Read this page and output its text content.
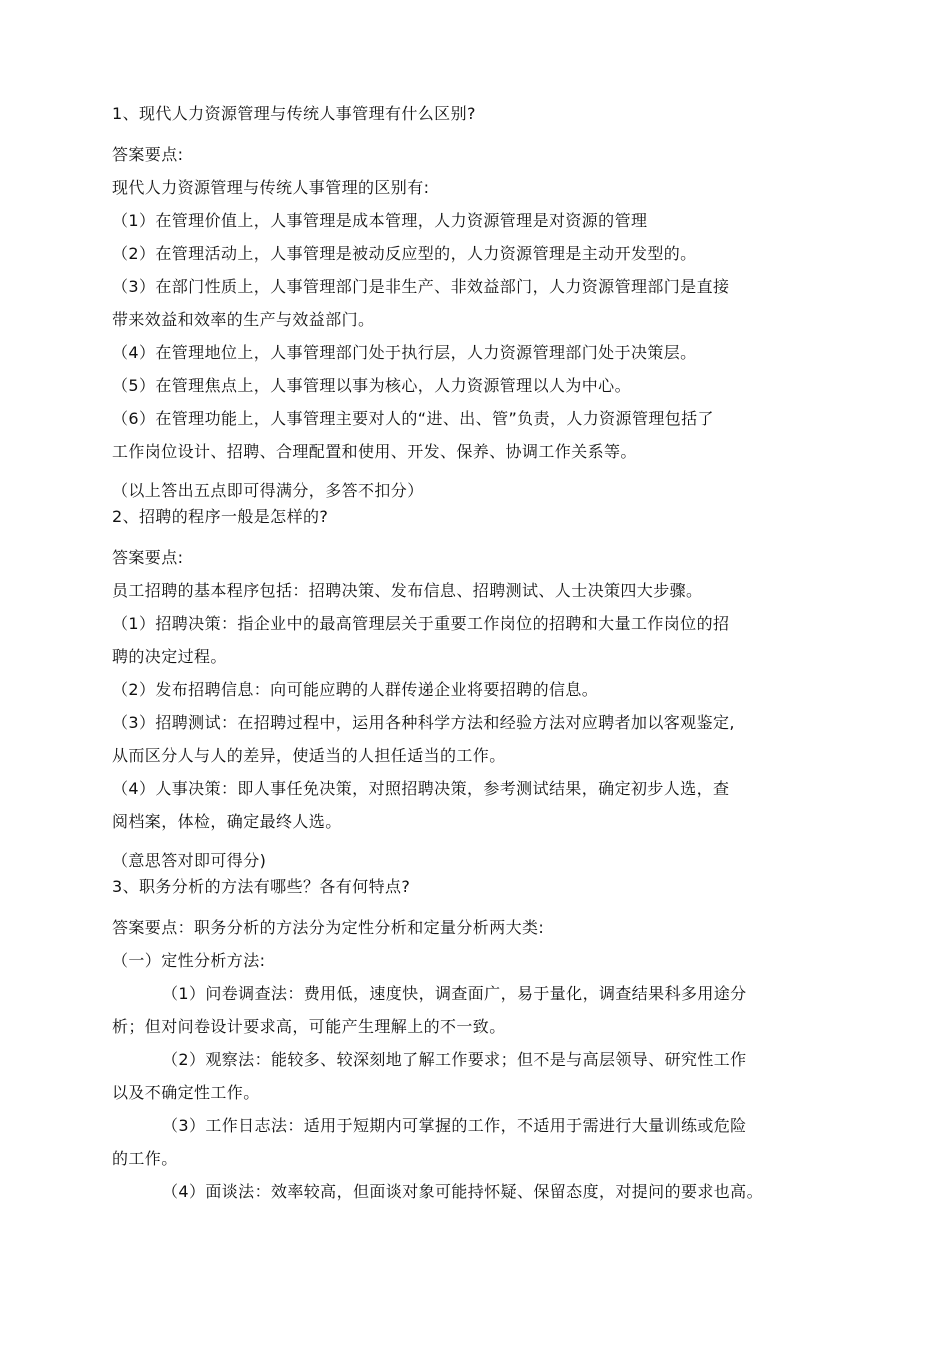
1、现代人力资源管理与传统人事管理有什么区别?

答案要点:

现代人力资源管理与传统人事管理的区别有:

（1）在管理价值上，人事管理是成本管理，人力资源管理是对资源的管理

（2）在管理活动上，人事管理是被动反应型的，人力资源管理是主动开发型的。

（3）在部门性质上，人事管理部门是非生产、非效益部门，人力资源管理部门是直接

带来效益和效率的生产与效益部门。

（4）在管理地位上，人事管理部门处于执行层，人力资源管理部门处于决策层。

（5）在管理焦点上，人事管理以事为核心，人力资源管理以人为中心。

（6）在管理功能上，人事管理主要对人的“进、出、管”负责，人力资源管理包括了

工作岗位设计、招聘、合理配置和使用、开发、保养、协调工作关系等。

（以上答出五点即可得满分，多答不扣分）

2、招聘的程序一般是怎样的?

答案要点:

员工招聘的基本程序包括：招聘决策、发布信息、招聘测试、人士决策四大步骤。

（1）招聘决策：指企业中的最高管理层关于重要工作岗位的招聘和大量工作岗位的招

聘的决定过程。

（2）发布招聘信息：向可能应聘的人群传递企业将要招聘的信息。

（3）招聘测试：在招聘过程中，运用各种科学方法和经验方法对应聘者加以客观鉴定,

从而区分人与人的差异，使适当的人担任适当的工作。

（4）人事决策：即人事任免决策，对照招聘决策，参考测试结果，确定初步人选，查

阅档案，体检，确定最终人选。

（意思答对即可得分)

3、职务分析的方法有哪些？各有何特点?

答案要点：职务分析的方法分为定性分析和定量分析两大类:

（一）定性分析方法:

（1）问卷调查法：费用低，速度快，调查面广，易于量化，调查结果科多用途分

析；但对问卷设计要求高，可能产生理解上的不一致。

（2）观察法：能较多、较深刻地了解工作要求；但不是与高层领导、研究性工作

以及不确定性工作。

（3）工作日志法：适用于短期内可掌握的工作，不适用于需进行大量训练或危险

的工作。

（4）面谈法：效率较高，但面谈对象可能持怀疑、保留态度，对提问的要求也高。
